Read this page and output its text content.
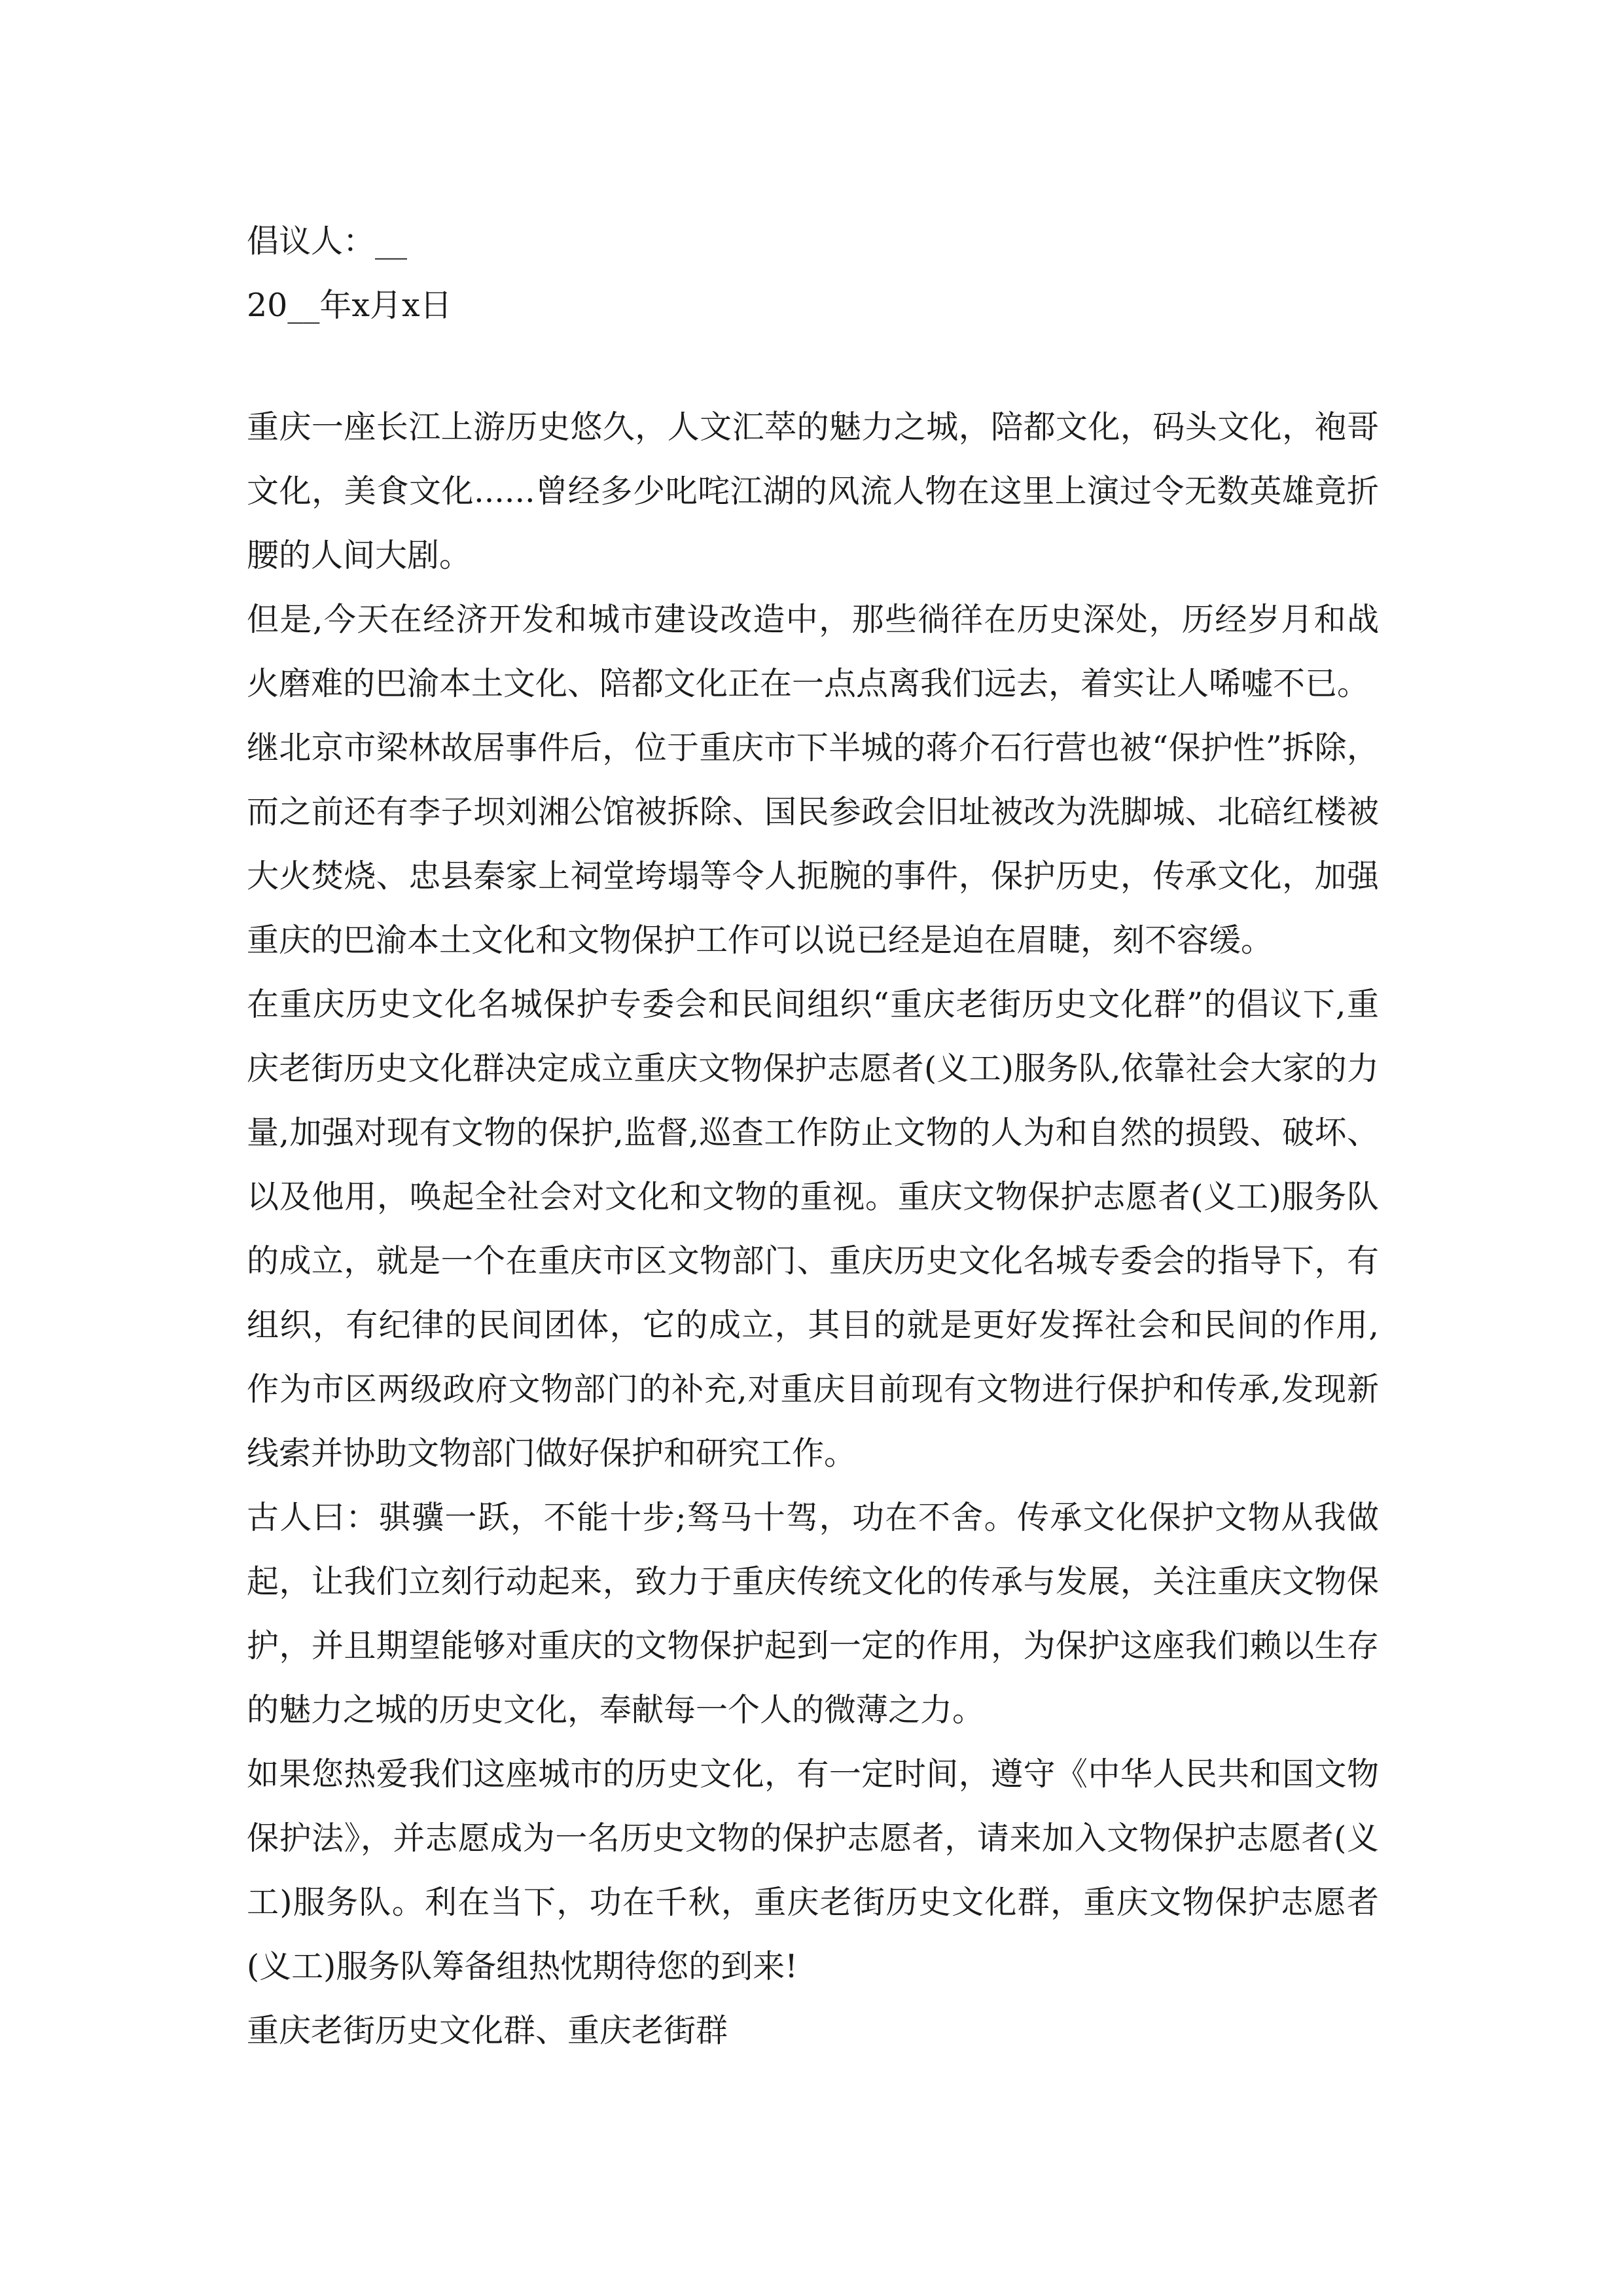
倡议人：__

20__年x月x日

重庆一座长江上游历史悠久，人文汇萃的魅力之城，陪都文化，码头文化，袍哥文化，美食文化......曾经多少叱咤江湖的风流人物在这里上演过令无数英雄竟折腰的人间大剧。

但是,今天在经济开发和城市建设改造中，那些徜徉在历史深处，历经岁月和战火磨难的巴渝本土文化、陪都文化正在一点点离我们远去，着实让人唏嘘不已。

继北京市梁林故居事件后，位于重庆市下半城的蒋介石行营也被“保护性”拆除，而之前还有李子坝刘湘公馆被拆除、国民参政会旧址被改为洗脚城、北碚红楼被大火焚烧、忠县秦家上祠堂垮塌等令人扼腕的事件，保护历史，传承文化，加强重庆的巴渝本土文化和文物保护工作可以说已经是迫在眉睫，刻不容缓。

在重庆历史文化名城保护专委会和民间组织“重庆老街历史文化群”的倡议下,重庆老街历史文化群决定成立重庆文物保护志愿者(义工)服务队,依靠社会大家的力量,加强对现有文物的保护,监督,巡查工作防止文物的人为和自然的损毁、破坏、以及他用，唤起全社会对文化和文物的重视。重庆文物保护志愿者(义工)服务队的成立，就是一个在重庆市区文物部门、重庆历史文化名城专委会的指导下，有组织，有纪律的民间团体，它的成立，其目的就是更好发挥社会和民间的作用,作为市区两级政府文物部门的补充,对重庆目前现有文物进行保护和传承,发现新线索并协助文物部门做好保护和研究工作。

古人曰：骐骥一跃，不能十步;驽马十驾，功在不舍。传承文化保护文物从我做起，让我们立刻行动起来，致力于重庆传统文化的传承与发展，关注重庆文物保护，并且期望能够对重庆的文物保护起到一定的作用，为保护这座我们赖以生存的魅力之城的历史文化，奉献每一个人的微薄之力。

如果您热爱我们这座城市的历史文化，有一定时间，遵守《中华人民共和国文物保护法》，并志愿成为一名历史文物的保护志愿者，请来加入文物保护志愿者(义工)服务队。利在当下，功在千秋，重庆老街历史文化群，重庆文物保护志愿者(义工)服务队筹备组热忱期待您的到来!

重庆老街历史文化群、重庆老街群
